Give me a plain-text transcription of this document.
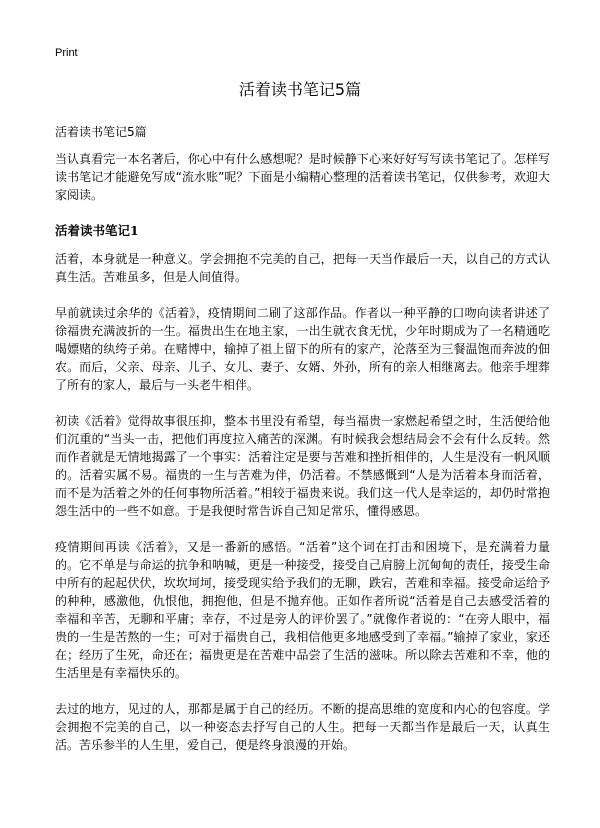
Print
活着读书笔记5篇

活着读书笔记5篇

当认真看完一本名著后，你心中有什么感想呢？是时候静下心来好好写写读书笔记了。怎样写读书笔记才能避免写成“流水账”呢？下面是小编精心整理的活着读书笔记，仅供参考，欢迎大家阅读。

活着读书笔记1

活着，本身就是一种意义。学会拥抱不完美的自己，把每一天当作最后一天，以自己的方式认真生活。苦难虽多，但是人间值得。

早前就读过余华的《活着》，疫情期间二刷了这部作品。作者以一种平静的口吻向读者讲述了徐福贵充满波折的一生。福贵出生在地主家，一出生就衣食无忧，少年时期成为了一名精通吃喝嫖赌的纨绔子弟。在赌博中，输掉了祖上留下的所有的家产，沦落至为三餐温饱而奔波的佃农。而后，父亲、母亲、儿子、女儿、妻子、女婿、外孙，所有的亲人相继离去。他亲手埋葬了所有的家人，最后与一头老牛相伴。

初读《活着》觉得故事很压抑，整本书里没有希望，每当福贵一家燃起希望之时，生活便给他们沉重的“当头一击，把他们再度拉入痛苦的深渊。有时候我会想结局会不会有什么反转。然而作者就是无情地揭露了一个事实：活着注定是要与苦难和挫折相伴的，人生是没有一帆风顺的。活着实属不易。福贵的一生与苦难为伴，仍活着。不禁感慨到“人是为活着本身而活着，而不是为活着之外的任何事物所活着。”相较于福贵来说。我们这一代人是幸运的，却仍时常抱怨生活中的一些不如意。于是我便时常告诉自己知足常乐，懂得感恩。

疫情期间再读《活着》，又是一番新的感悟。“活着”这个词在打击和困境下，是充满着力量的。它不单是与命运的抗争和呐喊，更是一种接受，接受自己肩膀上沉甸甸的责任，接受生命中所有的起起伏伏，坎坎坷坷，接受现实给予我们的无聊，跌宕，苦难和幸福。接受命运给予的种种，感激他，仇恨他，拥抱他，但是不抛弃他。正如作者所说“活着是自己去感受活着的幸福和辛苦，无聊和平庸；幸存，不过是旁人的评价罢了。”就像作者说的：“在旁人眼中，福贵的一生是苦熬的一生；可对于福贵自己，我相信他更多地感受到了幸福。”输掉了家业，家还在；经历了生死，命还在；福贵更是在苦难中品尝了生活的滋味。所以除去苦难和不幸，他的生活里是有幸福快乐的。

去过的地方，见过的人，那都是属于自己的经历。不断的提高思维的宽度和内心的包容度。学会拥抱不完美的自己，以一种姿态去抒写自己的人生。把每一天都当作是最后一天，认真生活。苦乐参半的人生里，爱自己，便是终身浪漫的开始。
